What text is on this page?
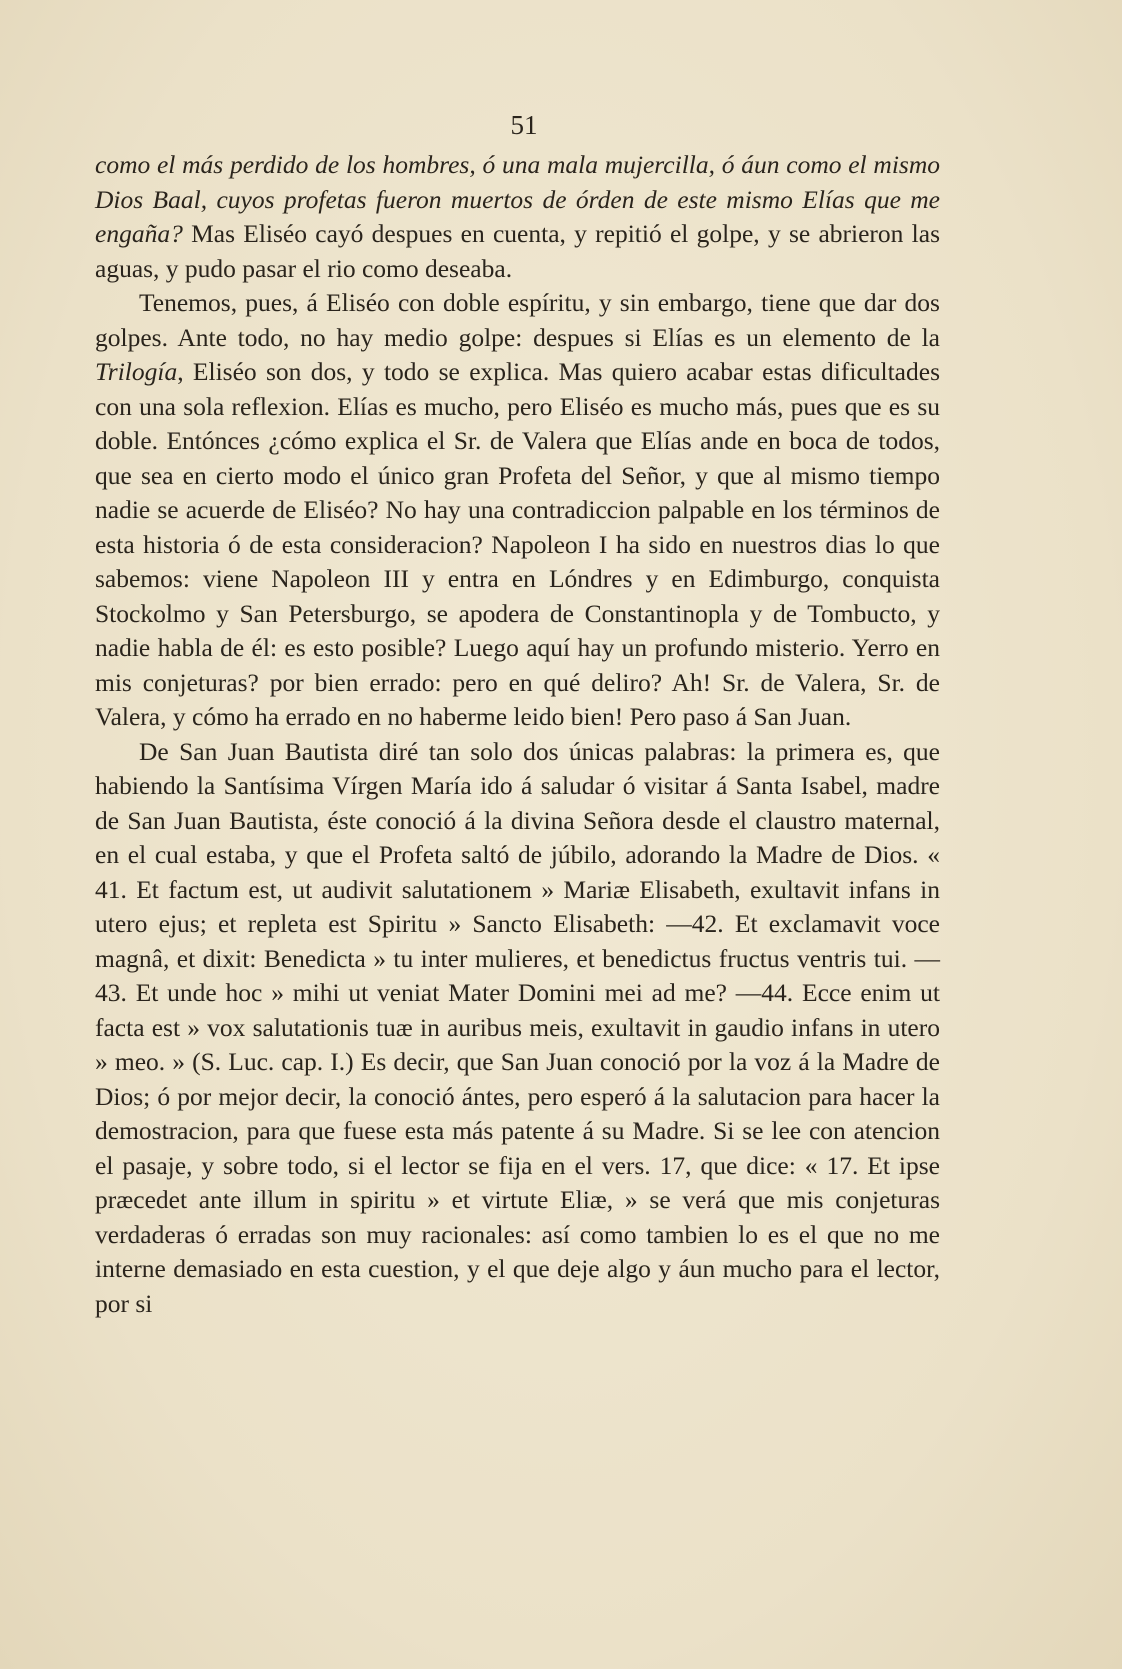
51

como el más perdido de los hombres, ó una mala mujercilla, ó áun como el mismo Dios Baal, cuyos profetas fueron muertos de órden de este mismo Elías que me engaña? Mas Eliséo cayó despues en cuenta, y repitió el golpe, y se abrieron las aguas, y pudo pasar el rio como deseaba.

Tenemos, pues, á Eliséo con doble espíritu, y sin embargo, tiene que dar dos golpes. Ante todo, no hay medio golpe: despues si Elías es un elemento de la Trilogía, Eliséo son dos, y todo se explica. Mas quiero acabar estas dificultades con una sola reflexion. Elías es mucho, pero Eliséo es mucho más, pues que es su doble. Entónces ¿cómo explica el Sr. de Valera que Elías ande en boca de todos, que sea en cierto modo el único gran Profeta del Señor, y que al mismo tiempo nadie se acuerde de Eliséo? No hay una contradiccion palpable en los términos de esta historia ó de esta consideracion? Napoleon I ha sido en nuestros dias lo que sabemos: viene Napoleon III y entra en Lóndres y en Edimburgo, conquista Stockolmo y San Petersburgo, se apodera de Constantinopla y de Tombucto, y nadie habla de él: es esto posible? Luego aquí hay un profundo misterio. Yerro en mis conjeturas? por bien errado: pero en qué deliro? Ah! Sr. de Valera, Sr. de Valera, y cómo ha errado en no haberme leido bien! Pero paso á San Juan.

De San Juan Bautista diré tan solo dos únicas palabras: la primera es, que habiendo la Santísima Vírgen María ido á saludar ó visitar á Santa Isabel, madre de San Juan Bautista, éste conoció á la divina Señora desde el claustro maternal, en el cual estaba, y que el Profeta saltó de júbilo, adorando la Madre de Dios. « 41. Et factum est, ut audivit salutationem » Mariæ Elisabeth, exultavit infans in utero ejus; et repleta est Spiritu » Sancto Elisabeth: —42. Et exclamavit voce magnâ, et dixit: Benedicta » tu inter mulieres, et benedictus fructus ventris tui. —43. Et unde hoc » mihi ut veniat Mater Domini mei ad me? —44. Ecce enim ut facta est » vox salutationis tuæ in auribus meis, exultavit in gaudio infans in utero » meo. » (S. Luc. cap. I.) Es decir, que San Juan conoció por la voz á la Madre de Dios; ó por mejor decir, la conoció ántes, pero esperó á la salutacion para hacer la demostracion, para que fuese esta más patente á su Madre. Si se lee con atencion el pasaje, y sobre todo, si el lector se fija en el vers. 17, que dice: « 17. Et ipse præcedet ante illum in spiritu » et virtute Eliæ, » se verá que mis conjeturas verdaderas ó erradas son muy racionales: así como tambien lo es el que no me interne demasiado en esta cuestion, y el que deje algo y áun mucho para el lector, por si
